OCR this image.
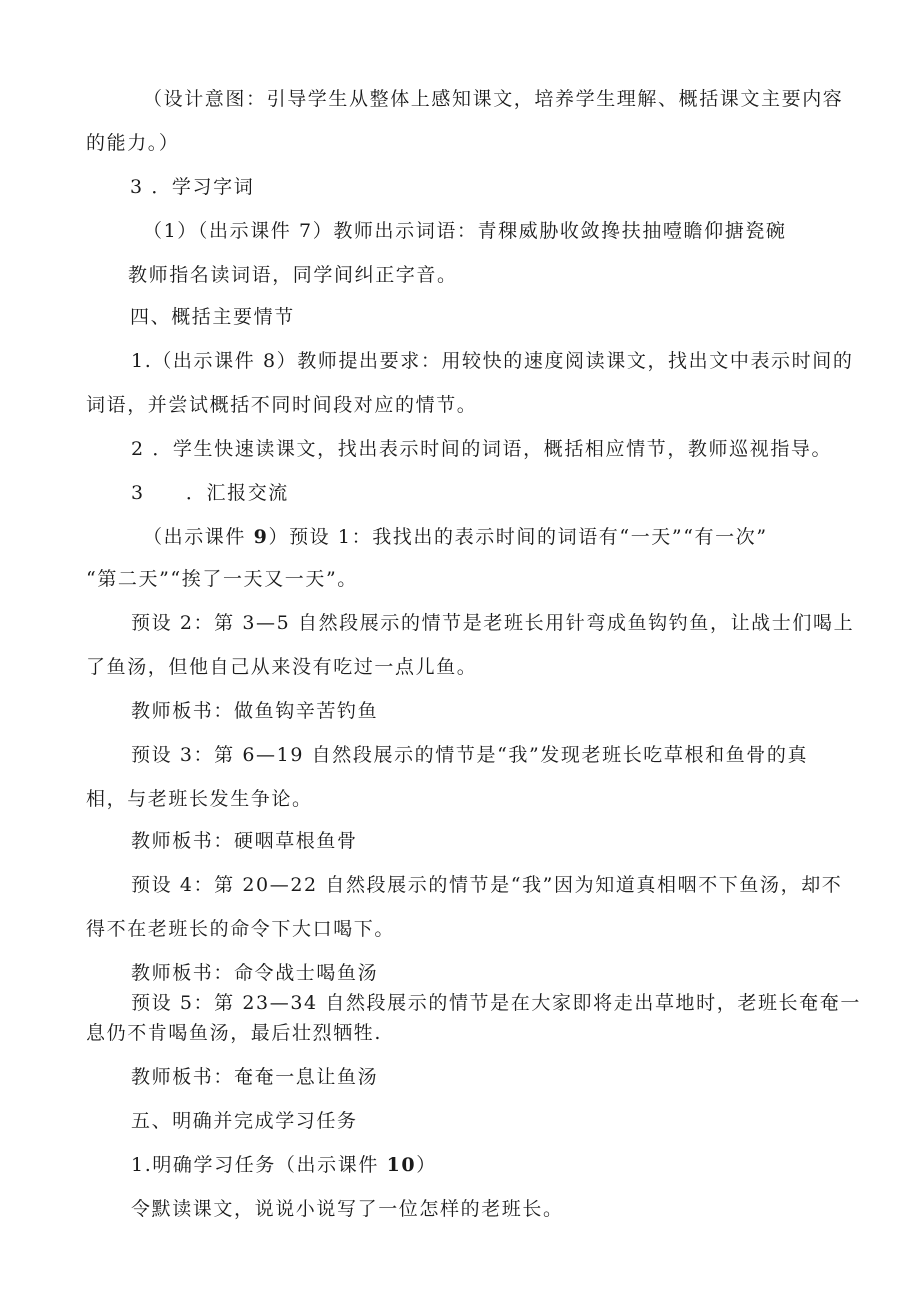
（设计意图：引导学生从整体上感知课文，培养学生理解、概括课文主要内容
的能力。）
3 ．学习字词
（1）（出示课件 7）教师出示词语：青稞威胁收敛搀扶抽噎瞻仰搪瓷碗
教师指名读词语，同学间纠正字音。
四、概括主要情节
1.（出示课件 8）教师提出要求：用较快的速度阅读课文，找出文中表示时间的
词语，并尝试概括不同时间段对应的情节。
2 ．学生快速读课文，找出表示时间的词语，概括相应情节，教师巡视指导。
3　　．汇报交流
（出示课件 9）预设 1：我找出的表示时间的词语有“一天”“有一次”
“第二天”“挨了一天又一天”。
预设 2：第 3—5 自然段展示的情节是老班长用针弯成鱼钩钓鱼，让战士们喝上
了鱼汤，但他自己从来没有吃过一点儿鱼。
教师板书：做鱼钩辛苦钓鱼
预设 3：第 6—19 自然段展示的情节是“我”发现老班长吃草根和鱼骨的真
相，与老班长发生争论。
教师板书：硬咽草根鱼骨
预设 4：第 20—22 自然段展示的情节是“我”因为知道真相咽不下鱼汤，却不
得不在老班长的命令下大口喝下。
教师板书：命令战士喝鱼汤
预设 5：第 23—34 自然段展示的情节是在大家即将走出草地时，老班长奄奄一
息仍不肯喝鱼汤，最后壮烈牺牲.
教师板书：奄奄一息让鱼汤
五、明确并完成学习任务
1.明确学习任务（出示课件 10）
令默读课文，说说小说写了一位怎样的老班长。
